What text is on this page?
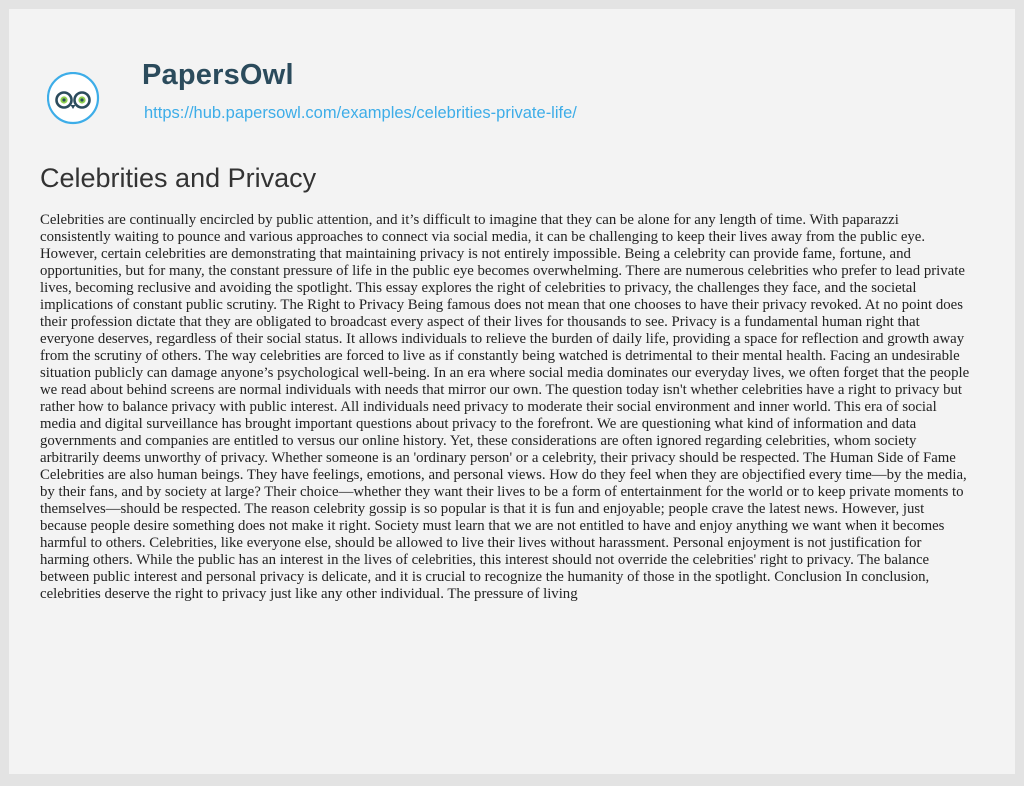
PapersOwl
https://hub.papersowl.com/examples/celebrities-private-life/
Celebrities and Privacy

Celebrities are continually encircled by public attention, and it’s difficult to imagine that they can be alone for any length of time. With paparazzi consistently waiting to pounce and various approaches to connect via social media, it can be challenging to keep their lives away from the public eye. However, certain celebrities are demonstrating that maintaining privacy is not entirely impossible. Being a celebrity can provide fame, fortune, and opportunities, but for many, the constant pressure of life in the public eye becomes overwhelming. There are numerous celebrities who prefer to lead private lives, becoming reclusive and avoiding the spotlight. This essay explores the right of celebrities to privacy, the challenges they face, and the societal implications of constant public scrutiny. The Right to Privacy Being famous does not mean that one chooses to have their privacy revoked. At no point does their profession dictate that they are obligated to broadcast every aspect of their lives for thousands to see. Privacy is a fundamental human right that everyone deserves, regardless of their social status. It allows individuals to relieve the burden of daily life, providing a space for reflection and growth away from the scrutiny of others. The way celebrities are forced to live as if constantly being watched is detrimental to their mental health. Facing an undesirable situation publicly can damage anyone’s psychological well-being. In an era where social media dominates our everyday lives, we often forget that the people we read about behind screens are normal individuals with needs that mirror our own. The question today isn't whether celebrities have a right to privacy but rather how to balance privacy with public interest. All individuals need privacy to moderate their social environment and inner world. This era of social media and digital surveillance has brought important questions about privacy to the forefront. We are questioning what kind of information and data governments and companies are entitled to versus our online history. Yet, these considerations are often ignored regarding celebrities, whom society arbitrarily deems unworthy of privacy. Whether someone is an 'ordinary person' or a celebrity, their privacy should be respected. The Human Side of Fame Celebrities are also human beings. They have feelings, emotions, and personal views. How do they feel when they are objectified every time—by the media, by their fans, and by society at large? Their choice—whether they want their lives to be a form of entertainment for the world or to keep private moments to themselves—should be respected. The reason celebrity gossip is so popular is that it is fun and enjoyable; people crave the latest news. However, just because people desire something does not make it right. Society must learn that we are not entitled to have and enjoy anything we want when it becomes harmful to others. Celebrities, like everyone else, should be allowed to live their lives without harassment. Personal enjoyment is not justification for harming others. While the public has an interest in the lives of celebrities, this interest should not override the celebrities' right to privacy. The balance between public interest and personal privacy is delicate, and it is crucial to recognize the humanity of those in the spotlight. Conclusion In conclusion, celebrities deserve the right to privacy just like any other individual. The pressure of living
